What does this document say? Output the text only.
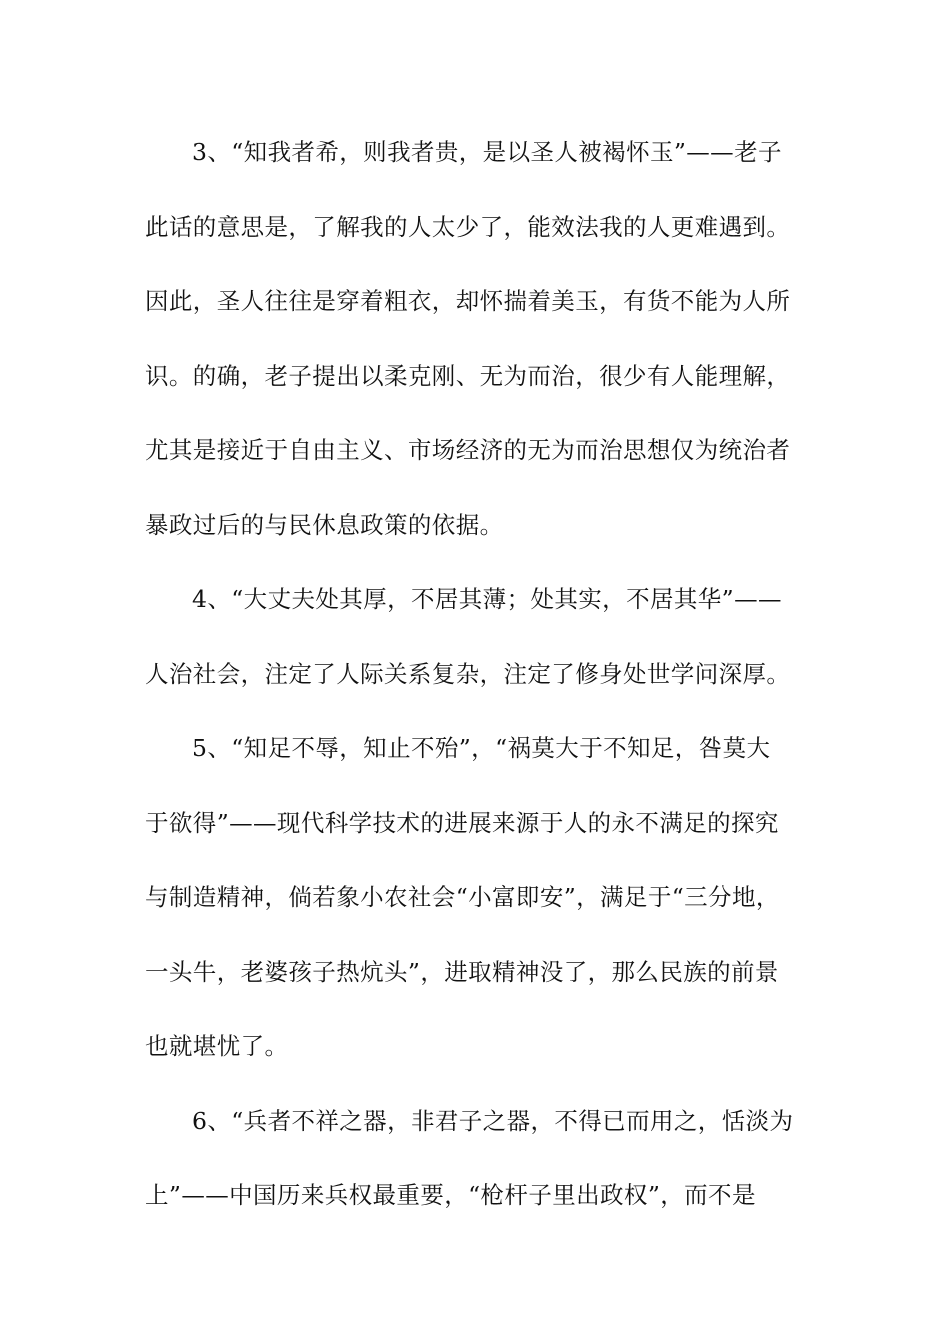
3、“知我者希，则我者贵，是以圣人被褐怀玉”——老子
此话的意思是，了解我的人太少了，能效法我的人更难遇到。
因此，圣人往往是穿着粗衣，却怀揣着美玉，有货不能为人所
识。的确，老子提出以柔克刚、无为而治，很少有人能理解，
尤其是接近于自由主义、市场经济的无为而治思想仅为统治者
暴政过后的与民休息政策的依据。
4、“大丈夫处其厚，不居其薄；处其实，不居其华”——
人治社会，注定了人际关系复杂，注定了修身处世学问深厚。
5、“知足不辱，知止不殆”，“祸莫大于不知足，咎莫大
于欲得”——现代科学技术的进展来源于人的永不满足的探究
与制造精神，倘若象小农社会“小富即安”，满足于“三分地，
一头牛，老婆孩子热炕头”，进取精神没了，那么民族的前景
也就堪忧了。
6、“兵者不祥之器，非君子之器，不得已而用之，恬淡为
上”——中国历来兵权最重要，“枪杆子里出政权”，而不是
